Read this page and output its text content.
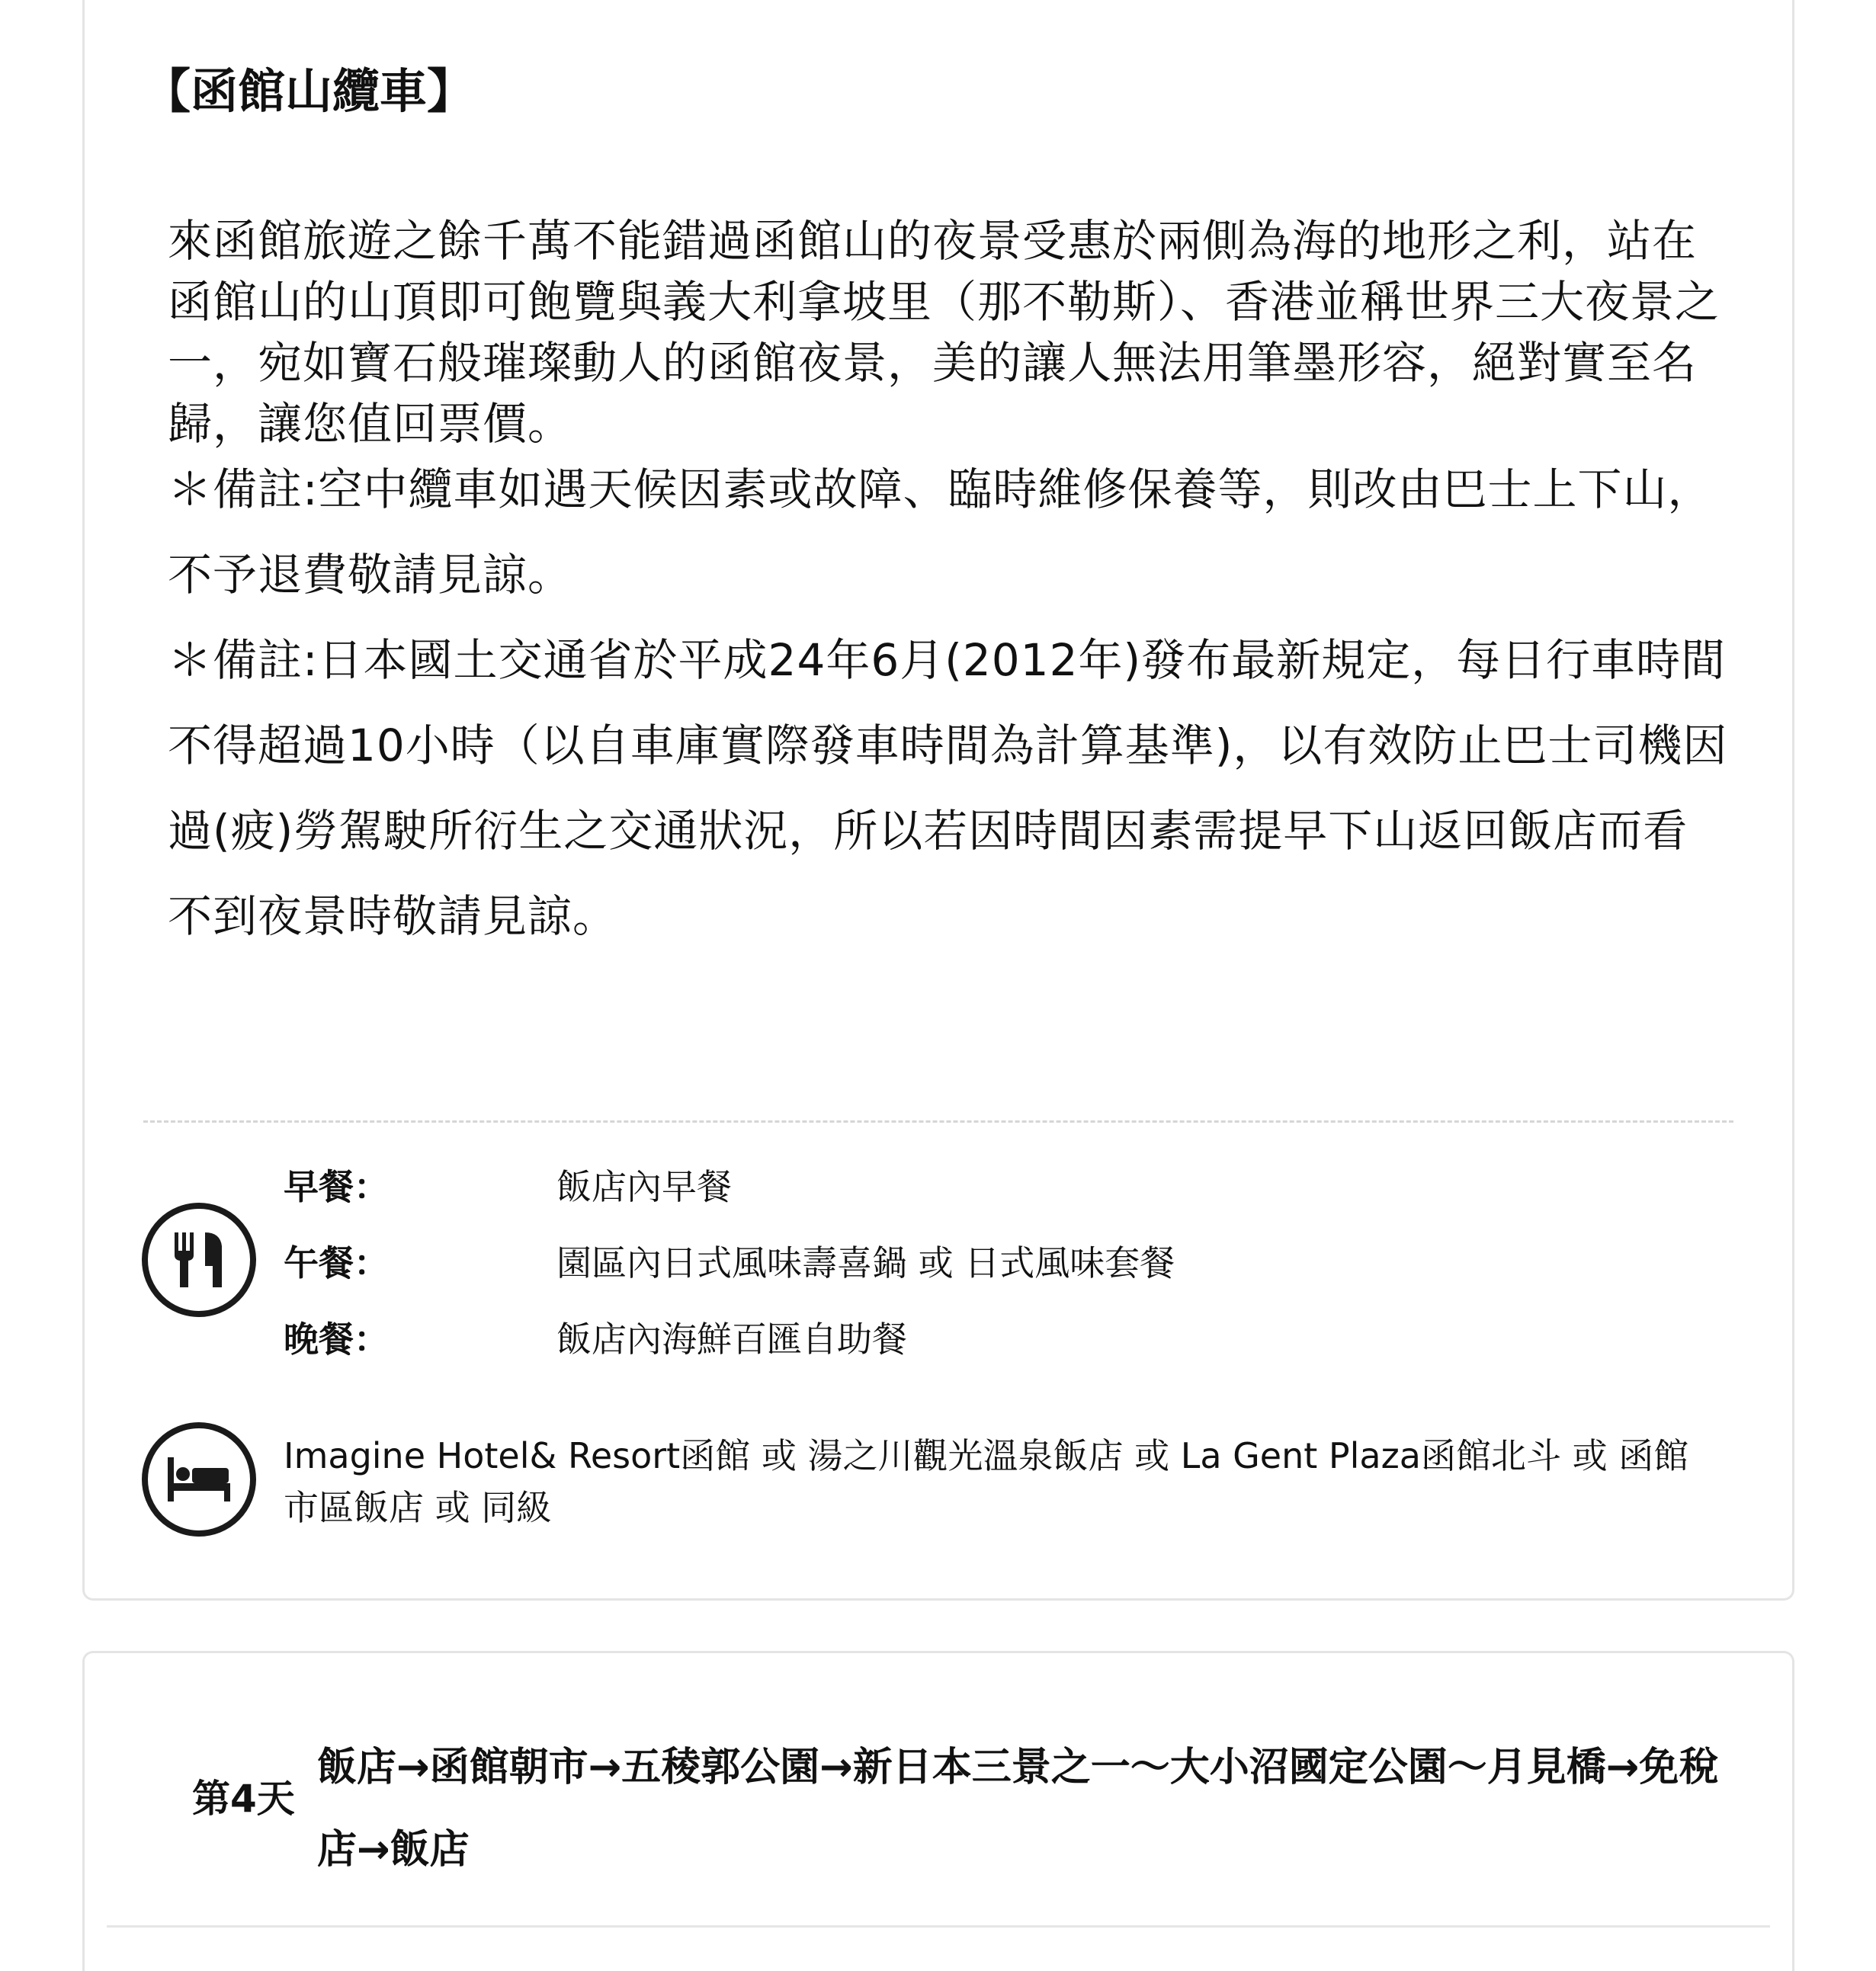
【函館山纜車】

來函館旅遊之餘千萬不能錯過函館山的夜景受惠於兩側為海的地形之利，站在函館山的山頂即可飽覽與義大利拿坡里（那不勒斯）、香港並稱世界三大夜景之一，宛如寶石般璀璨動人的函館夜景，美的讓人無法用筆墨形容，絕對實至名歸，讓您值回票價。

＊備註:空中纜車如遇天候因素或故障、臨時維修保養等，則改由巴士上下山，不予退費敬請見諒。

＊備註:日本國土交通省於平成24年6月(2012年)發布最新規定，每日行車時間不得超過10小時（以自車庫實際發車時間為計算基準)，以有效防止巴士司機因過(疲)勞駕駛所衍生之交通狀況，所以若因時間因素需提早下山返回飯店而看不到夜景時敬請見諒。

早餐：	飯店內早餐
午餐：	園區內日式風味壽喜鍋 或 日式風味套餐
晚餐：	飯店內海鮮百匯自助餐

Imagine Hotel& Resort函館 或 湯之川觀光溫泉飯店 或 La Gent Plaza函館北斗 或 函館市區飯店 或 同級

第4天

飯店→函館朝市→五稜郭公園→新日本三景之一～大小沼國定公園～月見橋→免稅店→飯店
